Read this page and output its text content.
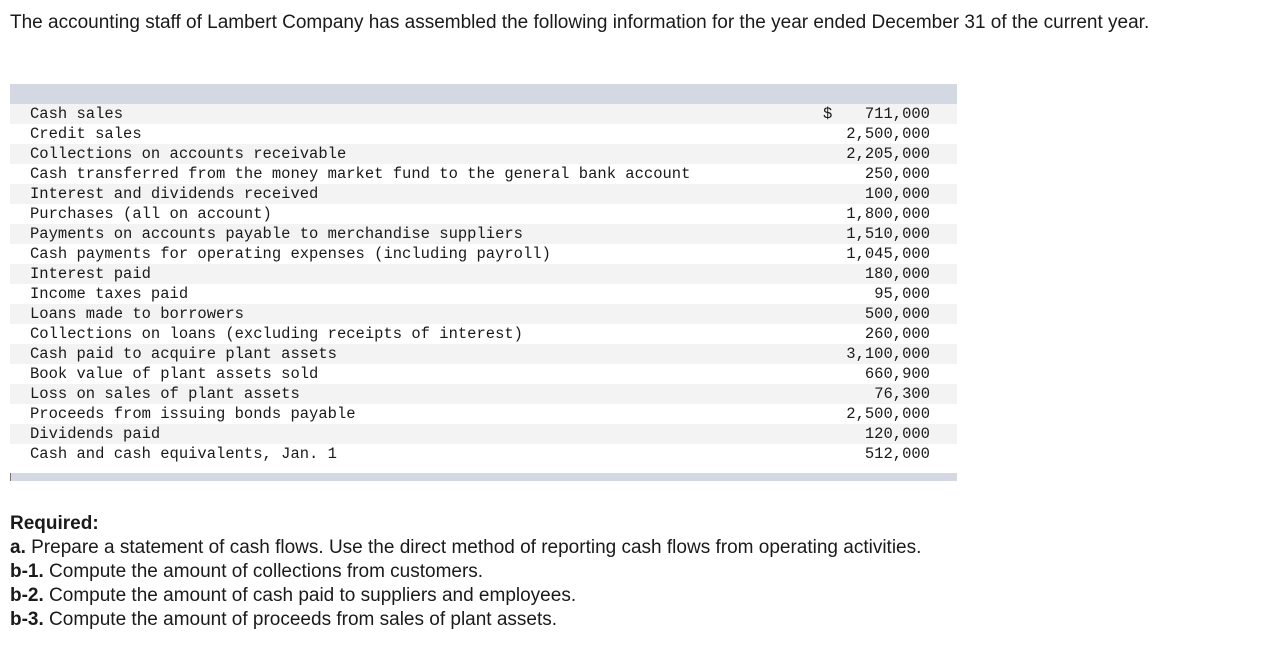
The accounting staff of Lambert Company has assembled the following information for the year ended December 31 of the current year.

Cash sales	$ 711,000
Credit sales	2,500,000
Collections on accounts receivable	2,205,000
Cash transferred from the money market fund to the general bank account	250,000
Interest and dividends received	100,000
Purchases (all on account)	1,800,000
Payments on accounts payable to merchandise suppliers	1,510,000
Cash payments for operating expenses (including payroll)	1,045,000
Interest paid	180,000
Income taxes paid	95,000
Loans made to borrowers	500,000
Collections on loans (excluding receipts of interest)	260,000
Cash paid to acquire plant assets	3,100,000
Book value of plant assets sold	660,900
Loss on sales of plant assets	76,300
Proceeds from issuing bonds payable	2,500,000
Dividends paid	120,000
Cash and cash equivalents, Jan. 1	512,000
Required:
a. Prepare a statement of cash flows. Use the direct method of reporting cash flows from operating activities.
b-1. Compute the amount of collections from customers.
b-2. Compute the amount of cash paid to suppliers and employees.
b-3. Compute the amount of proceeds from sales of plant assets.
